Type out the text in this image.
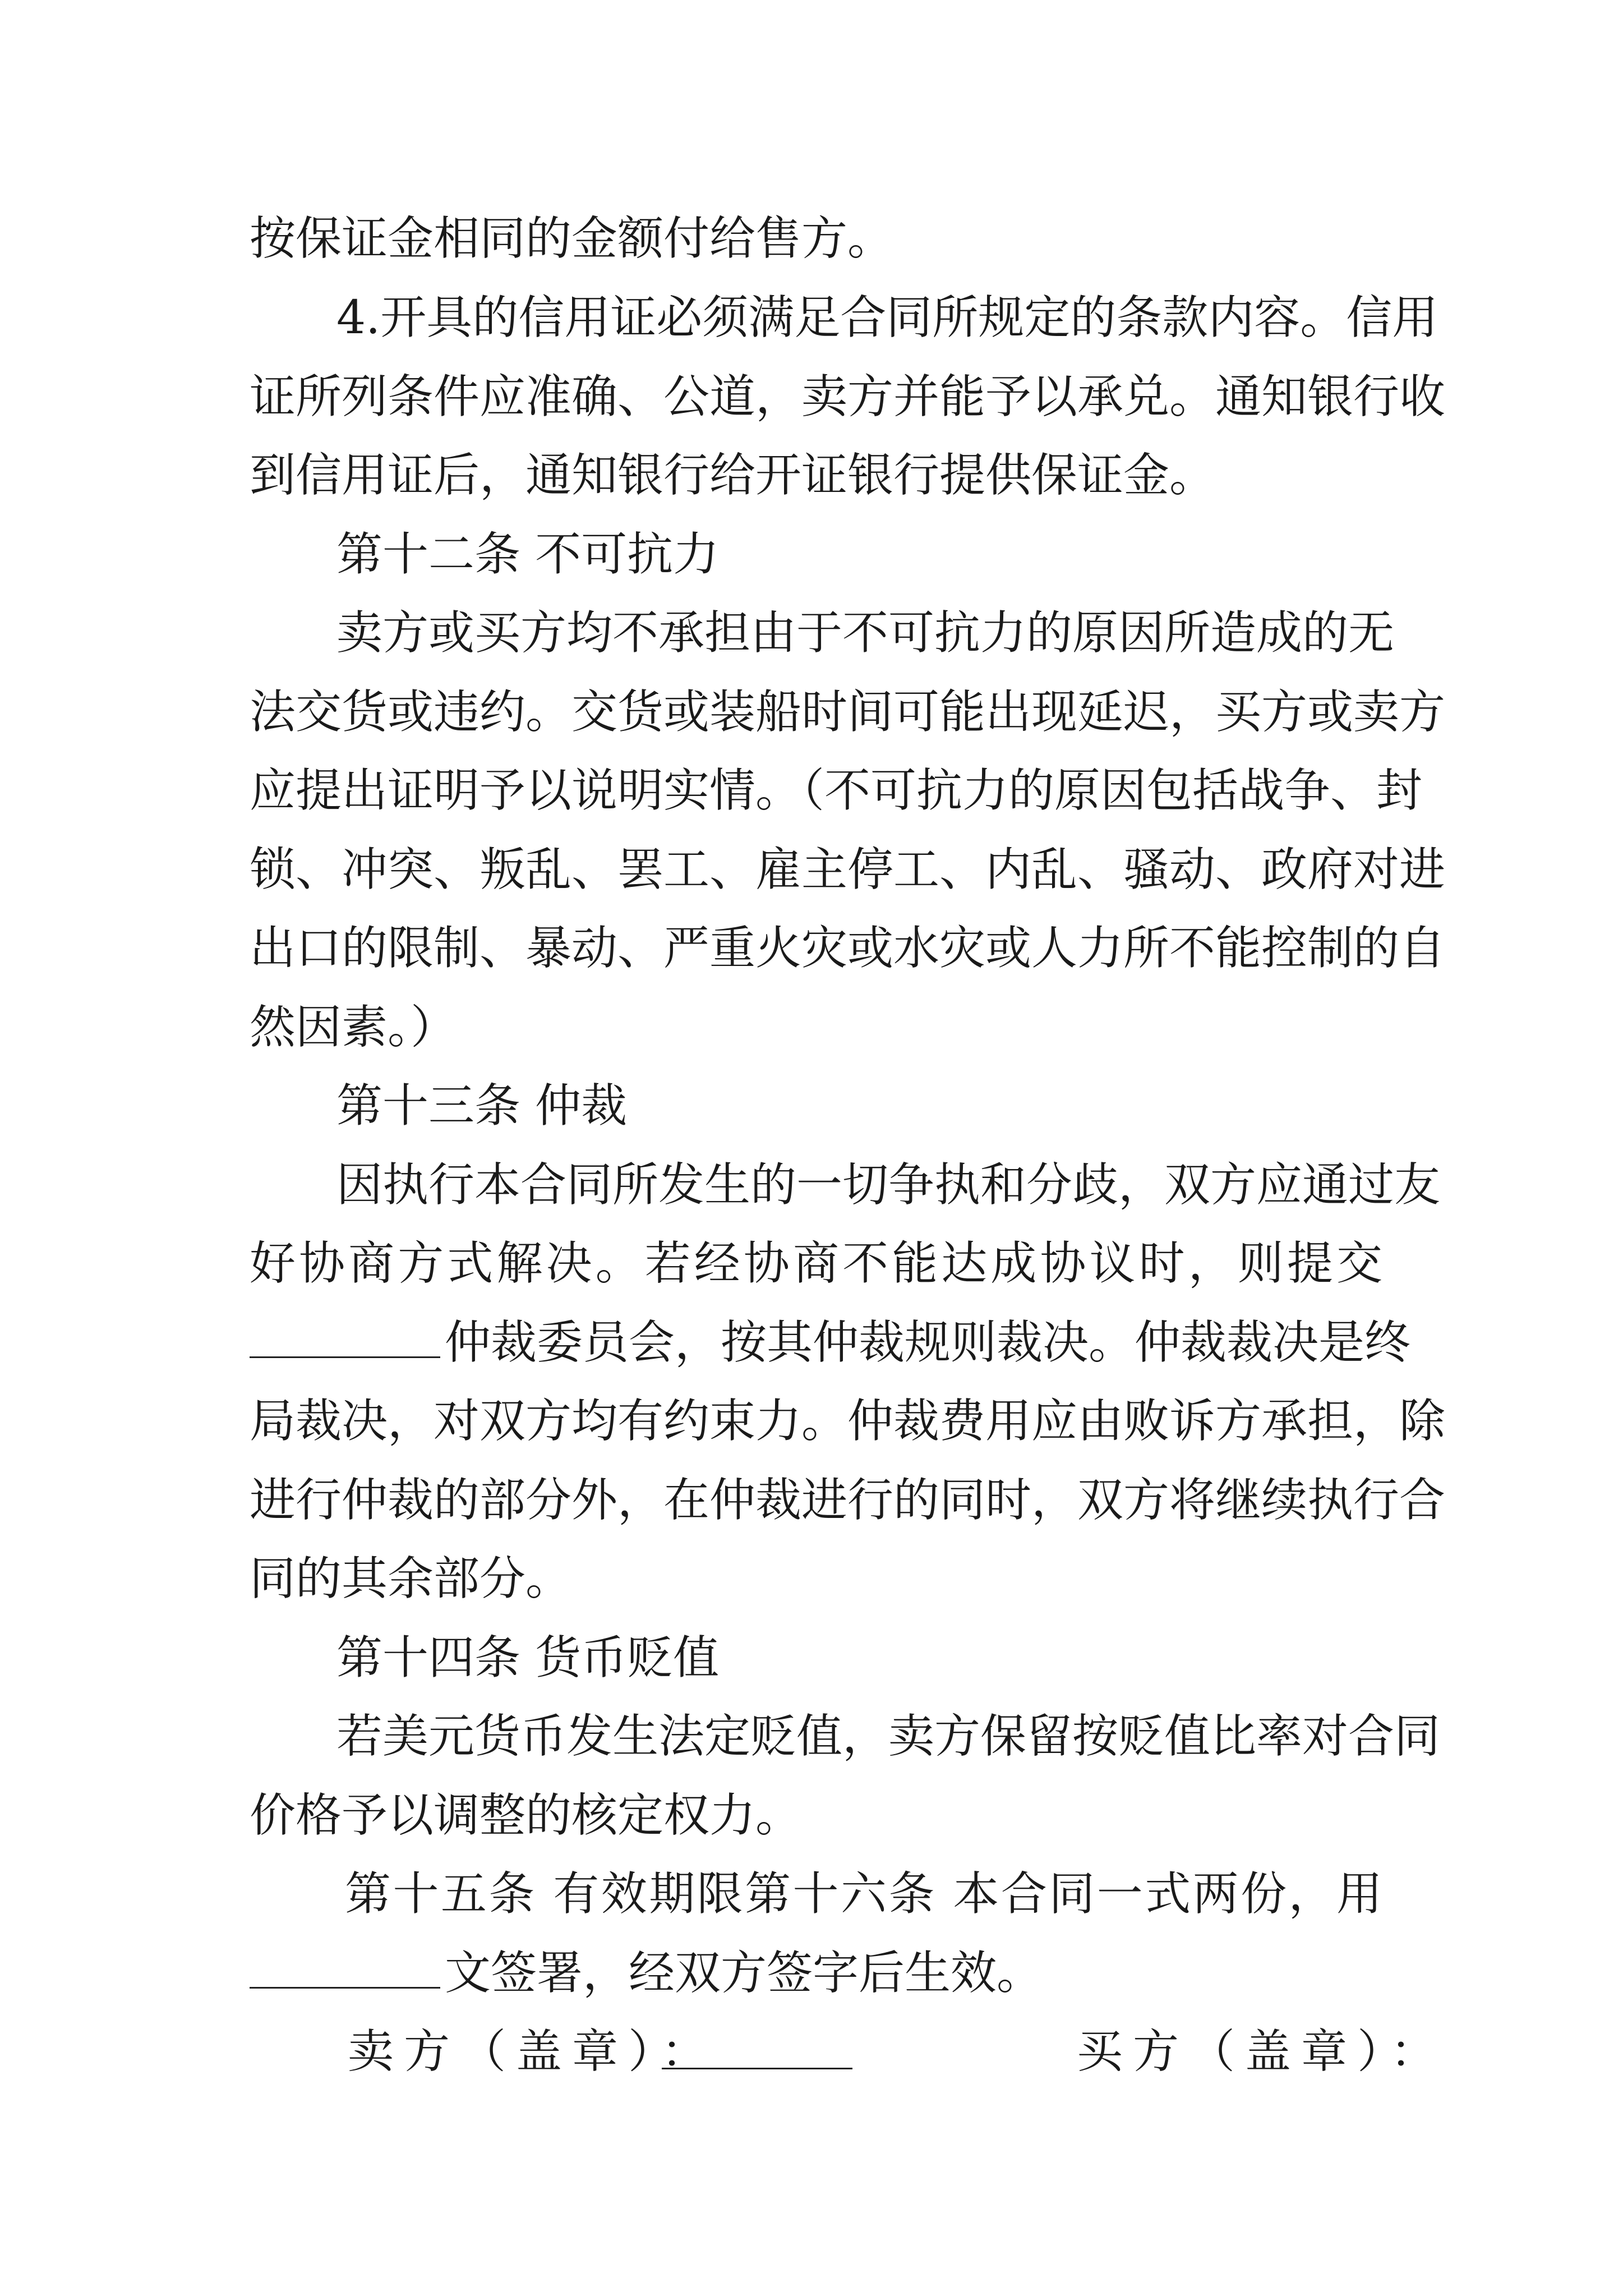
按保证金相同的金额付给售方。
4.开具的信用证必须满足合同所规定的条款内容。信用
证所列条件应准确、公道，卖方并能予以承兑。通知银行收
到信用证后，通知银行给开证银行提供保证金。
第十二条 不可抗力
卖方或买方均不承担由于不可抗力的原因所造成的无
法交货或违约。交货或装船时间可能出现延迟，买方或卖方
应提出证明予以说明实情。（不可抗力的原因包括战争、封
锁、冲突、叛乱、罢工、雇主停工、内乱、骚动、政府对进
出口的限制、暴动、严重火灾或水灾或人力所不能控制的自
然因素。）
第十三条 仲裁
因执行本合同所发生的一切争执和分歧，双方应通过友
好协商方式解决。若经协商不能达成协议时，则提交
仲裁委员会，按其仲裁规则裁决。仲裁裁决是终
局裁决，对双方均有约束力。仲裁费用应由败诉方承担，除
进行仲裁的部分外，在仲裁进行的同时，双方将继续执行合
同的其余部分。
第十四条 货币贬值
若美元货币发生法定贬值，卖方保留按贬值比率对合同
价格予以调整的核定权力。
第十五条 有效期限第十六条 本合同一式两份，用
文签署，经双方签字后生效。
卖方（盖章）：	买方（盖章）：
